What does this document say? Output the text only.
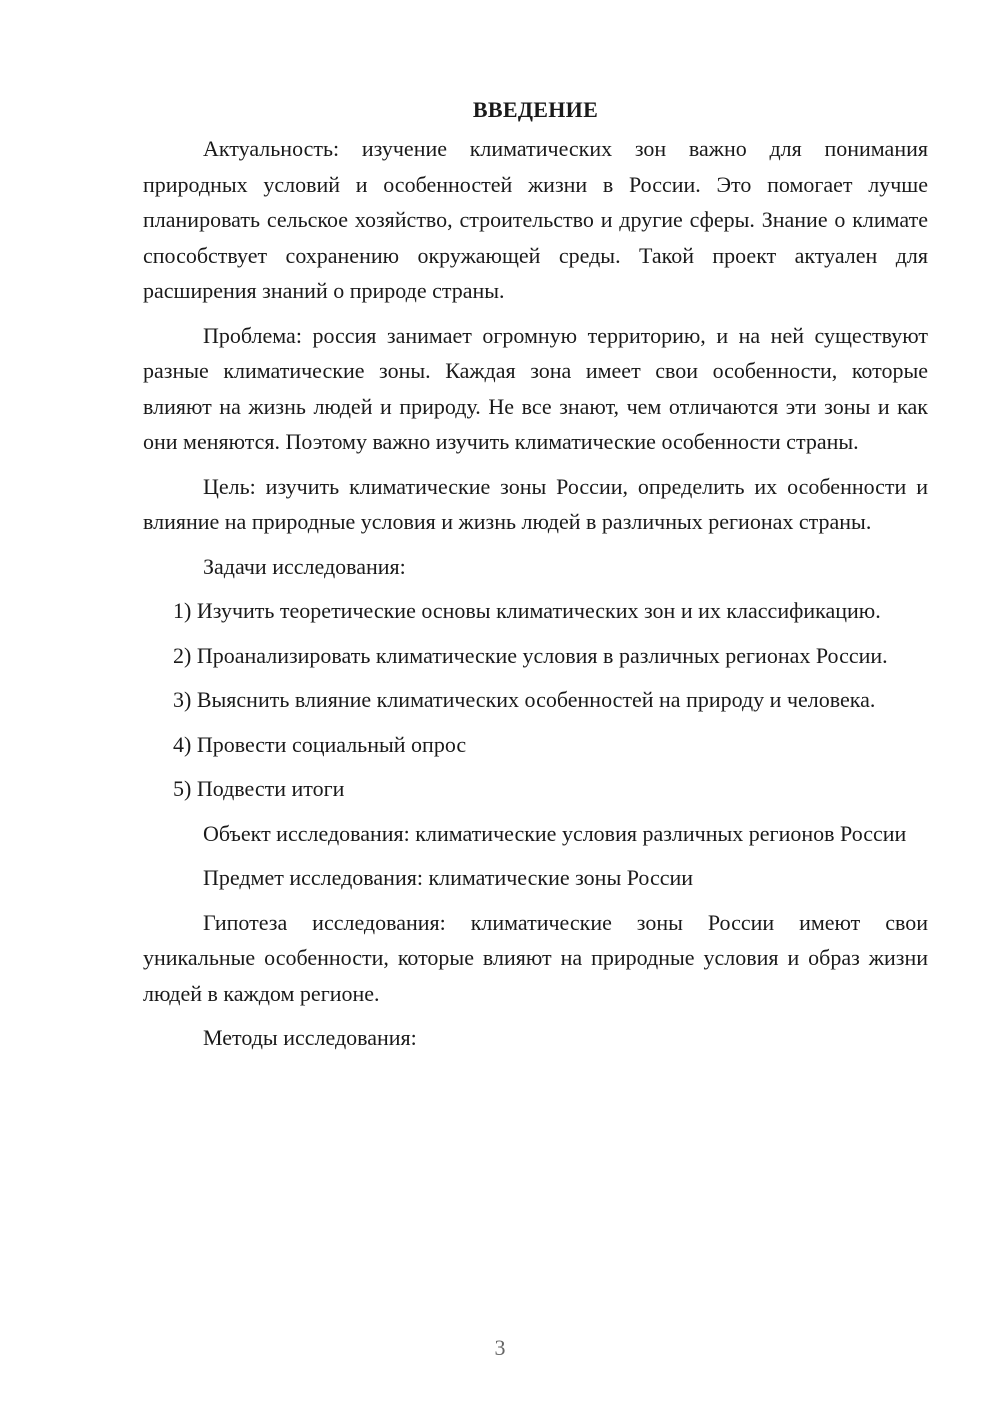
ВВЕДЕНИЕ

Актуальность: изучение климатических зон важно для понимания природных условий и особенностей жизни в России. Это помогает лучше планировать сельское хозяйство, строительство и другие сферы. Знание о климате способствует сохранению окружающей среды. Такой проект актуален для расширения знаний о природе страны.

Проблема: россия занимает огромную территорию, и на ней существуют разные климатические зоны. Каждая зона имеет свои особенности, которые влияют на жизнь людей и природу. Не все знают, чем отличаются эти зоны и как они меняются. Поэтому важно изучить климатические особенности страны.

Цель: изучить климатические зоны России, определить их особенности и влияние на природные условия и жизнь людей в различных регионах страны.

Задачи исследования:

1) Изучить теоретические основы климатических зон и их классификацию.

2) Проанализировать климатические условия в различных регионах России.

3) Выяснить влияние климатических особенностей на природу и человека.

4) Провести социальный опрос

5) Подвести итоги

Объект исследования: климатические условия различных регионов России

Предмет исследования: климатические зоны России

Гипотеза исследования: климатические зоны России имеют свои уникальные особенности, которые влияют на природные условия и образ жизни людей в каждом регионе.

Методы исследования:

3
